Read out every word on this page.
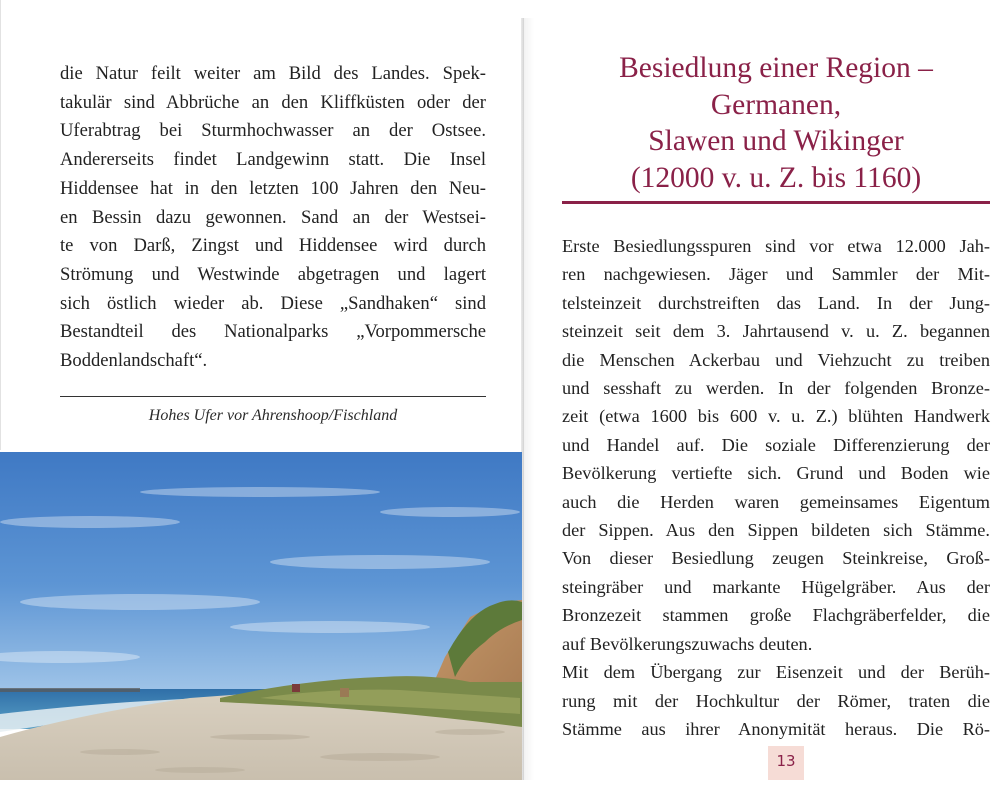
die Natur feilt weiter am Bild des Landes. Spek-
takulär sind Abbrüche an den Kliffküsten oder der
Uferabtrag bei Sturmhochwasser an der Ostsee.
Andererseits findet Landgewinn statt. Die Insel
Hiddensee hat in den letzten 100 Jahren den Neu-
en Bessin dazu gewonnen. Sand an der Westsei-
te von Darß, Zingst und Hiddensee wird durch
Strömung und Westwinde abgetragen und lagert
sich östlich wieder ab. Diese „Sandhaken“ sind
Bestandteil des Nationalparks „Vorpommersche
Boddenlandschaft“.
Hohes Ufer vor Ahrenshoop/Fischland
Besiedlung einer Region –
Germanen,
Slawen und Wikinger
(12000 v. u. Z. bis 1160)
Erste Besiedlungsspuren sind vor etwa 12.000 Jah-
ren nachgewiesen. Jäger und Sammler der Mit-
telsteinzeit durchstreiften das Land. In der Jung-
steinzeit seit dem 3. Jahrtausend v. u. Z. begannen
die Menschen Ackerbau und Viehzucht zu treiben
und sesshaft zu werden. In der folgenden Bronze-
zeit (etwa 1600 bis 600 v. u. Z.) blühten Handwerk
und Handel auf. Die soziale Differenzierung der
Bevölkerung vertiefte sich. Grund und Boden wie
auch die Herden waren gemeinsames Eigentum
der Sippen. Aus den Sippen bildeten sich Stämme.
Von dieser Besiedlung zeugen Steinkreise, Groß-
steingräber und markante Hügelgräber. Aus der
Bronzezeit stammen große Flachgräberfelder, die
auf Bevölkerungszuwachs deuten.
Mit dem Übergang zur Eisenzeit und der Berüh-
rung mit der Hochkultur der Römer, traten die
Stämme aus ihrer Anonymität heraus. Die Rö-
13
